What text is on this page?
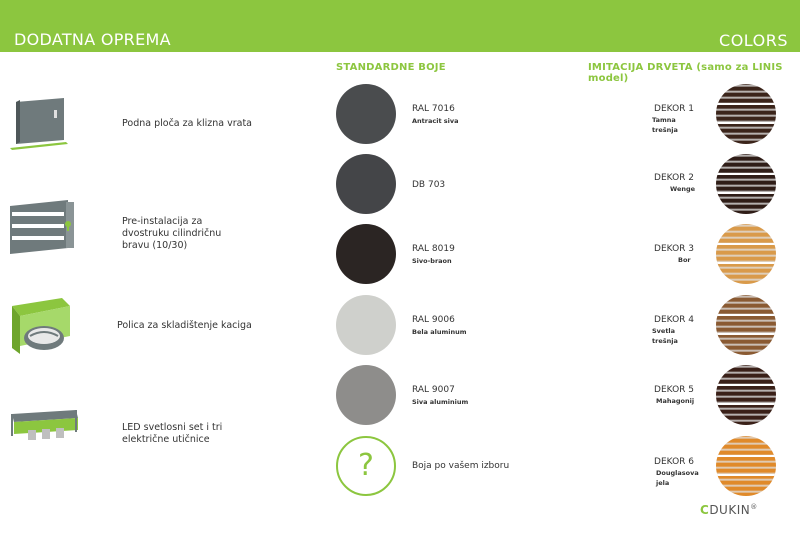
DODATNA OPREMA	COLORS
STANDARDNE BOJE	IMITACIJA DRVETA (samo za LINIS model)
Podna ploča za klizna vrata
Pre-instalacija za
dvostruku cilindričnu
bravu (10/30)
Polica za skladištenje kaciga
LED svetlosni set i tri
električne utičnice
RAL 7016
Antracit siva
DB 703
RAL 8019
Sivo-braon
RAL 9006
Bela aluminum
RAL 9007
Siva aluminium
?	Boja po vašem izboru
DEKOR 1
Tamna
trešnja
DEKOR 2
Wenge
DEKOR 3
Bor
DEKOR 4
Svetla
trešnja
DEKOR 5
Mahagonij
DEKOR 6
Douglasova
jela
CDUKIN®
